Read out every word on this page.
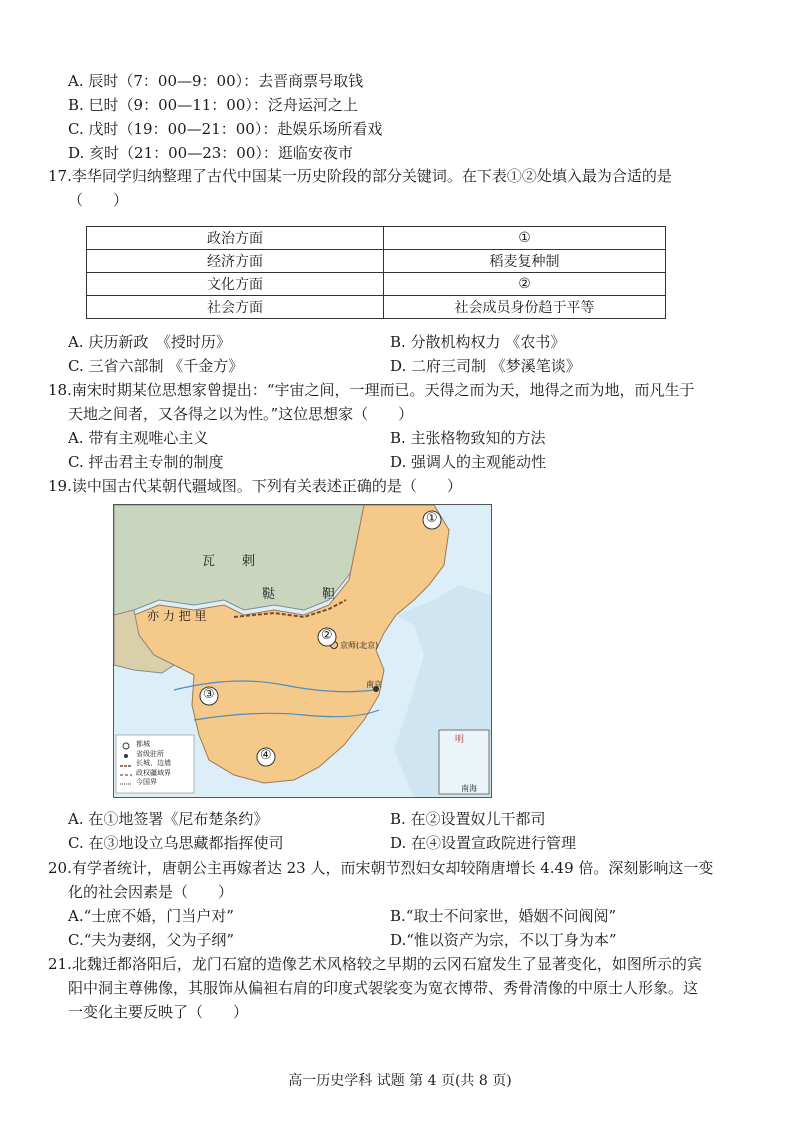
A. 辰时（7：00—9：00）：去晋商票号取钱
B. 巳时（9：00—11：00）：泛舟运河之上
C. 戊时（19：00—21：00）：赴娱乐场所看戏
D. 亥时（21：00—23：00）：逛临安夜市
17.李华同学归纳整理了古代中国某一历史阶段的部分关键词。在下表①②处填入最为合适的是
（　　）
政治方面	①
经济方面	稻麦复种制
文化方面	②
社会方面	社会成员身份趋于平等
A. 庆历新政　《授时历》	B. 分散机构权力 《农书》
C. 三省六部制 《千金方》	D. 二府三司制 《梦溪笔谈》
18.南宋时期某位思想家曾提出：“宇宙之间，一理而已。天得之而为天，地得之而为地，而凡生于
天地之间者，又各得之以为性。”这位思想家（　　）
A. 带有主观唯心主义	B. 主张格物致知的方法
C. 抨击君主专制的制度	D. 强调人的主观能动性
19.读中国古代某朝代疆域图。下列有关表述正确的是（　　）
①
②
③
④
瓦 剌
鞑	靼
亦 力 把 里
京师(北京)
南京
明
南海
都城
省级驻所
长城、边墙
政权疆域界
今国界
A. 在①地签署《尼布楚条约》	B. 在②设置奴儿干都司
C. 在③地设立乌思藏都指挥使司	D. 在④设置宣政院进行管理
20.有学者统计，唐朝公主再嫁者达 23 人，而宋朝节烈妇女却较隋唐增长 4.49 倍。深刻影响这一变
化的社会因素是（　　）
A.“士庶不婚，门当户对”	B.“取士不问家世，婚姻不问阀阅”
C.“夫为妻纲，父为子纲”	D.“惟以资产为宗，不以丁身为本”
21.北魏迁都洛阳后，龙门石窟的造像艺术风格较之早期的云冈石窟发生了显著变化，如图所示的宾
阳中洞主尊佛像，其服饰从偏袒右肩的印度式袈裟变为宽衣博带、秀骨清像的中原士人形象。这
一变化主要反映了（　　）
高一历史学科 试题 第 4 页(共 8 页)
